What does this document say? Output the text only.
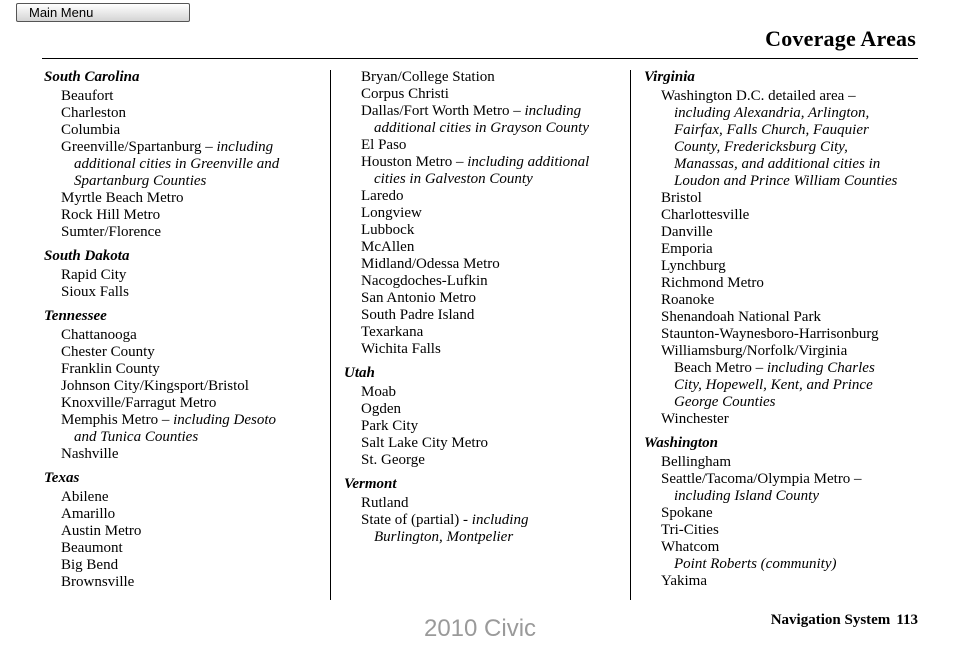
Main Menu
Coverage Areas
South Carolina
Beaufort
Charleston
Columbia
Greenville/Spartanburg – including
additional cities in Greenville and
Spartanburg Counties
Myrtle Beach Metro
Rock Hill Metro
Sumter/Florence
South Dakota
Rapid City
Sioux Falls
Tennessee
Chattanooga
Chester County
Franklin County
Johnson City/Kingsport/Bristol
Knoxville/Farragut Metro
Memphis Metro – including Desoto
and Tunica Counties
Nashville
Texas
Abilene
Amarillo
Austin Metro
Beaumont
Big Bend
Brownsville
Bryan/College Station
Corpus Christi
Dallas/Fort Worth Metro – including
additional cities in Grayson County
El Paso
Houston Metro – including additional
cities in Galveston County
Laredo
Longview
Lubbock
McAllen
Midland/Odessa Metro
Nacogdoches-Lufkin
San Antonio Metro
South Padre Island
Texarkana
Wichita Falls
Utah
Moab
Ogden
Park City
Salt Lake City Metro
St. George
Vermont
Rutland
State of (partial) - including
Burlington, Montpelier
Virginia
Washington D.C. detailed area –
including Alexandria, Arlington,
Fairfax, Falls Church, Fauquier
County, Fredericksburg City,
Manassas, and additional cities in
Loudon and Prince William Counties
Bristol
Charlottesville
Danville
Emporia
Lynchburg
Richmond Metro
Roanoke
Shenandoah National Park
Staunton-Waynesboro-Harrisonburg
Williamsburg/Norfolk/Virginia
Beach Metro – including Charles
City, Hopewell, Kent, and Prince
George Counties
Winchester
Washington
Bellingham
Seattle/Tacoma/Olympia Metro –
including Island County
Spokane
Tri-Cities
Whatcom
Point Roberts (community)
Yakima
Navigation System 113
2010 Civic
